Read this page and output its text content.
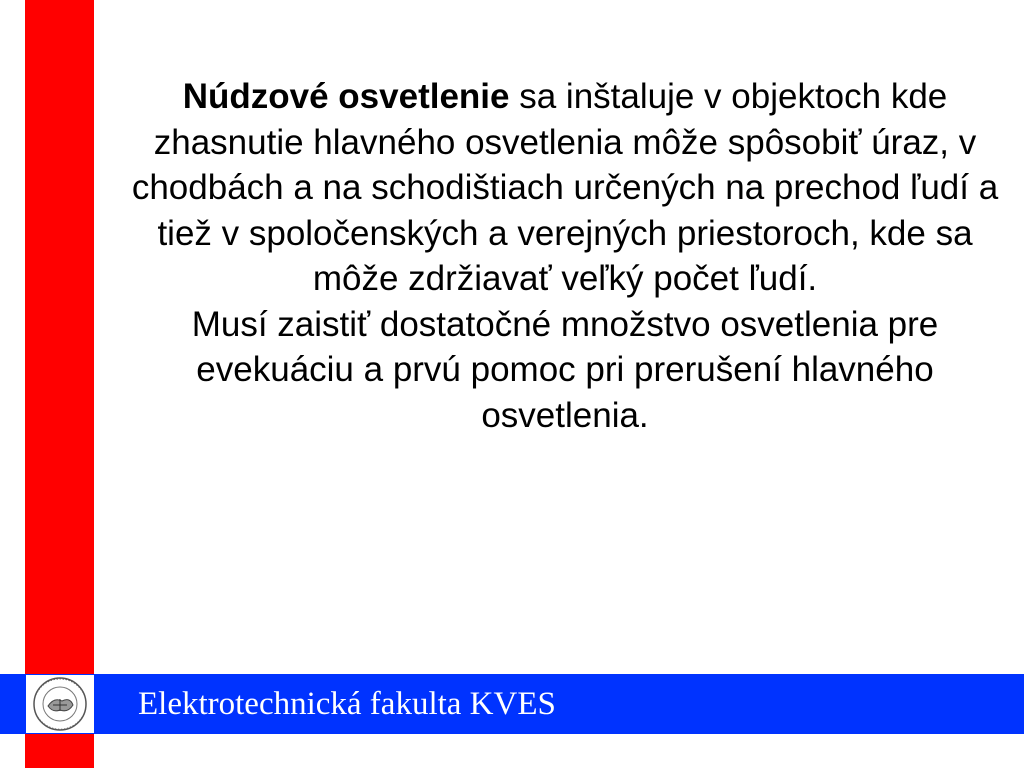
Núdzové osvetlenie sa inštaluje v objektoch kde zhasnutie hlavného osvetlenia môže spôsobiť úraz, v chodbách a na schodištiach určených na prechod ľudí a tiež v spoločenských a verejných priestoroch, kde sa môže zdržiavať veľký počet ľudí.

Musí zaistiť dostatočné množstvo osvetlenia pre evekuáciu a prvú pomoc pri prerušení hlavného osvetlenia.

Elektrotechnická fakulta KVES
